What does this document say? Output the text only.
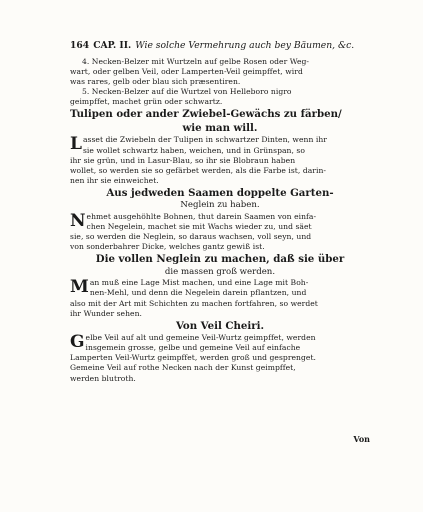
164 CAP. II. Wie solche Vermehrung auch bey Bäumen, &c.

4. Necken-Belzer mit Wurtzeln auf gelbe Rosen oder Weg-

wart, oder gelben Veil, oder Lamperten-Veil geimpffet, wird

was rares, gelb oder blau sich præsentiren.

5. Necken-Belzer auf die Wurtzel von Helleboro nigro

geimpffet, machet grün oder schwartz.

Tulipen oder ander Zwiebel-Gewächs zu färben/
wie man will.
L asset die Zwiebeln der Tulipen in schwartzer Dinten, wenn ihr

sie wollet schwartz haben, weichen, und in Grünspan, so

ihr sie grün, und in Lasur-Blau, so ihr sie Blobraun haben

wollet, so werden sie so gefärbet werden, als die Farbe ist, darin-

nen ihr sie einweichet.

Aus jedweden Saamen doppelte Garten-
Neglein zu haben.
N ehmet ausgehöhlte Bohnen, thut darein Saamen von einfa-

chen Negelein, machet sie mit Wachs wieder zu, und säet

sie, so werden die Neglein, so daraus wachsen, voll seyn, und

von sonderbahrer Dicke, welches gantz gewiß ist.

Die vollen Neglein zu machen, daß sie über
die massen groß werden.
M an muß eine Lage Mist machen, und eine Lage mit Boh-

nen-Mehl, und denn die Negelein darein pflantzen, und

also mit der Art mit Schichten zu machen fortfahren, so werdet

ihr Wunder sehen.

Von Veil Cheiri.
G elbe Veil auf alt und gemeine Veil-Wurtz geimpffet, werden

insgemein grosse, gelbe und gemeine Veil auf einfache

Lamperten Veil-Wurtz geimpffet, werden groß und gesprenget.

Gemeine Veil auf rothe Necken nach der Kunst geimpffet,

werden blutroth.

Von
